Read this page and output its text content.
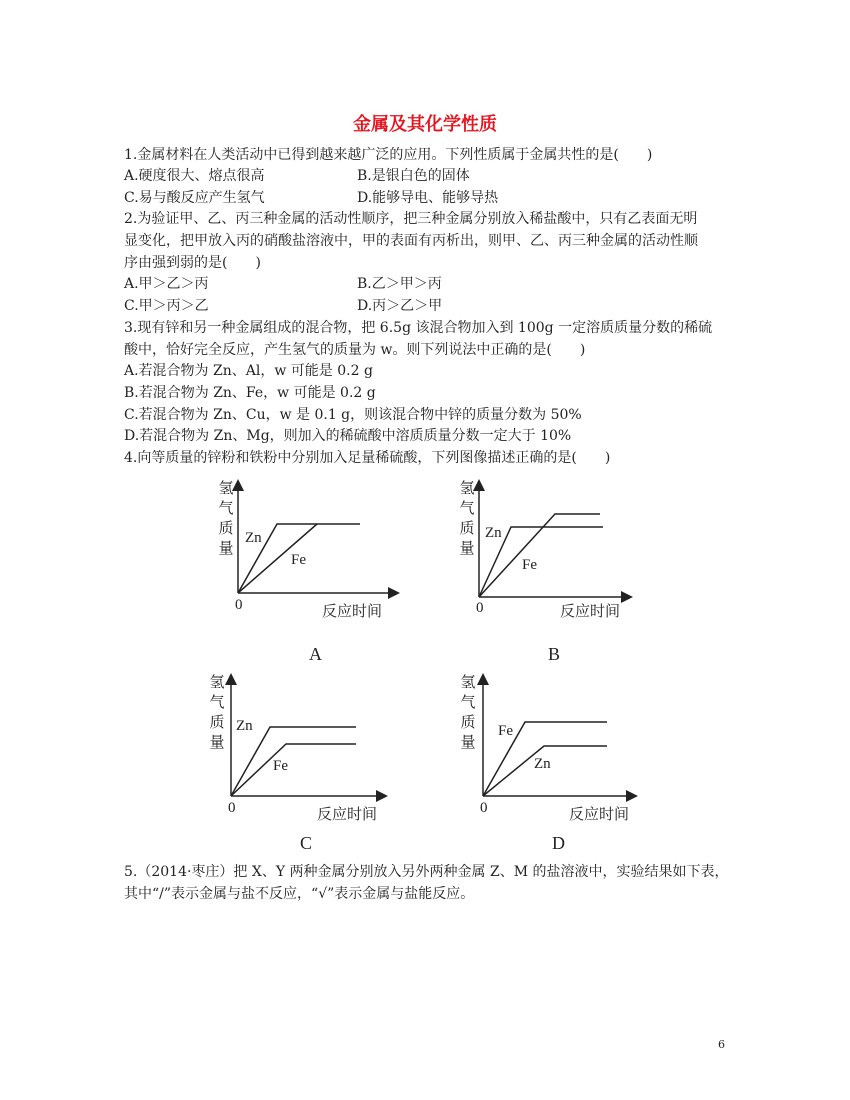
金属及其化学性质
1.金属材料在人类活动中已得到越来越广泛的应用。下列性质属于金属共性的是(　　)
A.硬度很大、熔点很高	B.是银白色的固体
C.易与酸反应产生氢气	D.能够导电、能够导热
2.为验证甲、乙、丙三种金属的活动性顺序，把三种金属分别放入稀盐酸中，只有乙表面无明
显变化，把甲放入丙的硝酸盐溶液中，甲的表面有丙析出，则甲、乙、丙三种金属的活动性顺
序由强到弱的是(　　)
A.甲＞乙＞丙	B.乙＞甲＞丙
C.甲＞丙＞乙	D.丙＞乙＞甲
3.现有锌和另一种金属组成的混合物，把 6.5g 该混合物加入到 100g 一定溶质质量分数的稀硫
酸中，恰好完全反应，产生氢气的质量为 w。则下列说法中正确的是(　　)
A.若混合物为 Zn、Al，w 可能是 0.2 g
B.若混合物为 Zn、Fe，w 可能是 0.2 g
C.若混合物为 Zn、Cu，w 是 0.1 g，则该混合物中锌的质量分数为 50%
D.若混合物为 Zn、Mg，则加入的稀硫酸中溶质质量分数一定大于 10%
4.向等质量的锌粉和铁粉中分别加入足量稀硫酸，下列图像描述正确的是(　　)
氢气质量
Zn
Fe
0	反应时间
A
氢气质量
Zn
Fe
0	反应时间
B
氢气质量
Zn
Fe
0	反应时间
C
氢气质量
Fe
Zn
0	反应时间
D
5.（2014·枣庄）把 X、Y 两种金属分别放入另外两种金属 Z、M 的盐溶液中，实验结果如下表，
其中“/”表示金属与盐不反应，“√”表示金属与盐能反应。
6
